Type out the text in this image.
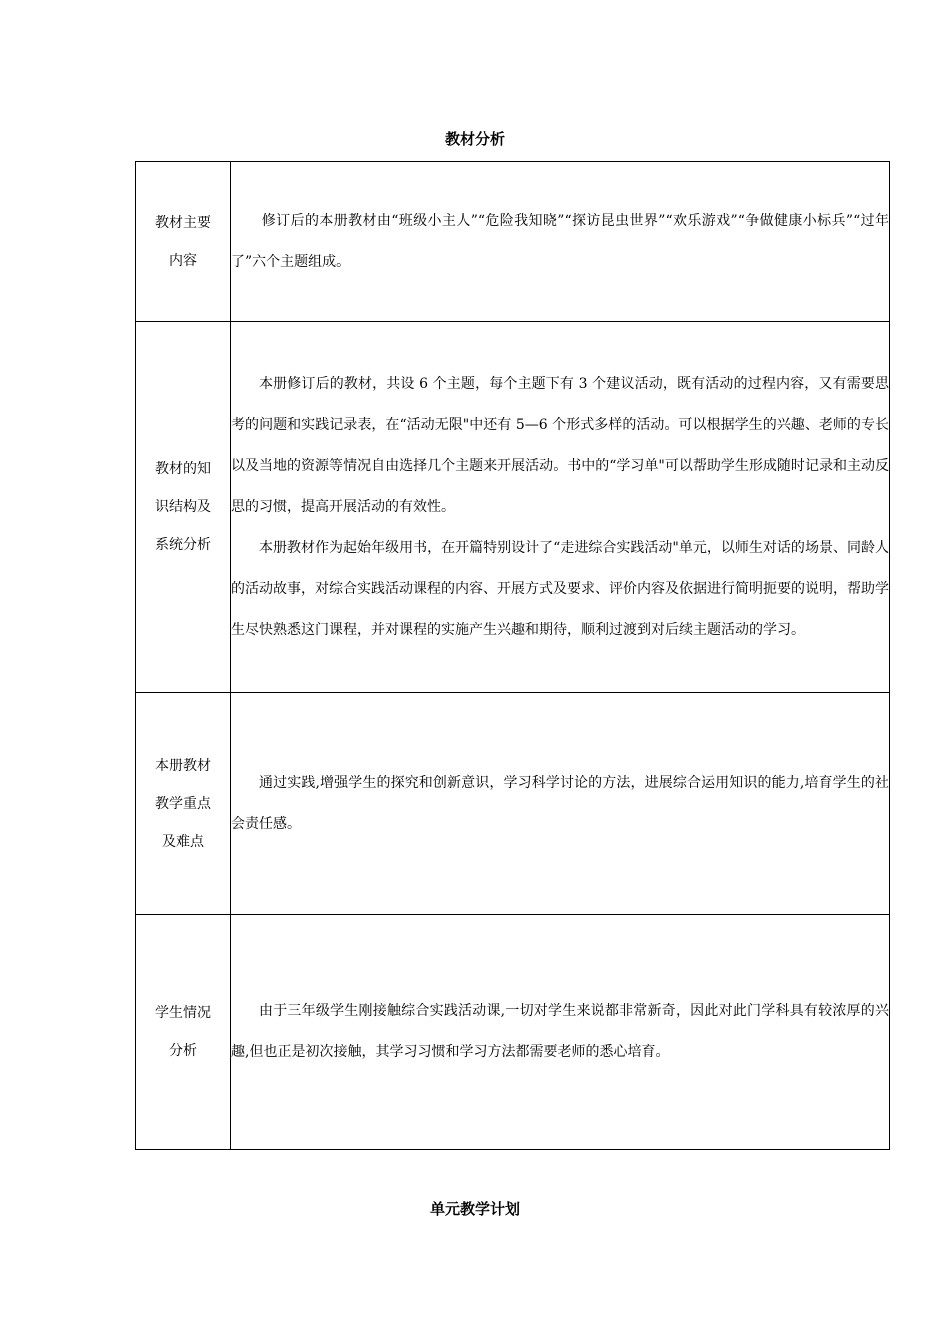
教材分析
教材主要内容	修订后的本册教材由“班级小主人”“危险我知晓”“探访昆虫世界”“欢乐游戏”“争做健康小标兵”“过年了”六个主题组成。

教材的知识结构及系统分析	本册修订后的教材，共设 6 个主题，每个主题下有 3 个建议活动，既有活动的过程内容，又有需要思考的问题和实践记录表，在“活动无限"中还有 5—6 个形式多样的活动。可以根据学生的兴趣、老师的专长以及当地的资源等情况自由选择几个主题来开展活动。书中的“学习单"可以帮助学生形成随时记录和主动反思的习惯，提高开展活动的有效性。

本册教材作为起始年级用书，在开篇特别设计了“走进综合实践活动"单元，以师生对话的场景、同龄人的活动故事，对综合实践活动课程的内容、开展方式及要求、评价内容及依据进行简明扼要的说明，帮助学生尽快熟悉这门课程，并对课程的实施产生兴趣和期待，顺利过渡到对后续主题活动的学习。

本册教材教学重点及难点	通过实践,增强学生的探究和创新意识，学习科学讨论的方法，进展综合运用知识的能力,培育学生的社会责任感。

学生情况分析	由于三年级学生刚接触综合实践活动课,一切对学生来说都非常新奇，因此对此门学科具有较浓厚的兴趣,但也正是初次接触，其学习习惯和学习方法都需要老师的悉心培育。

单元教学计划
